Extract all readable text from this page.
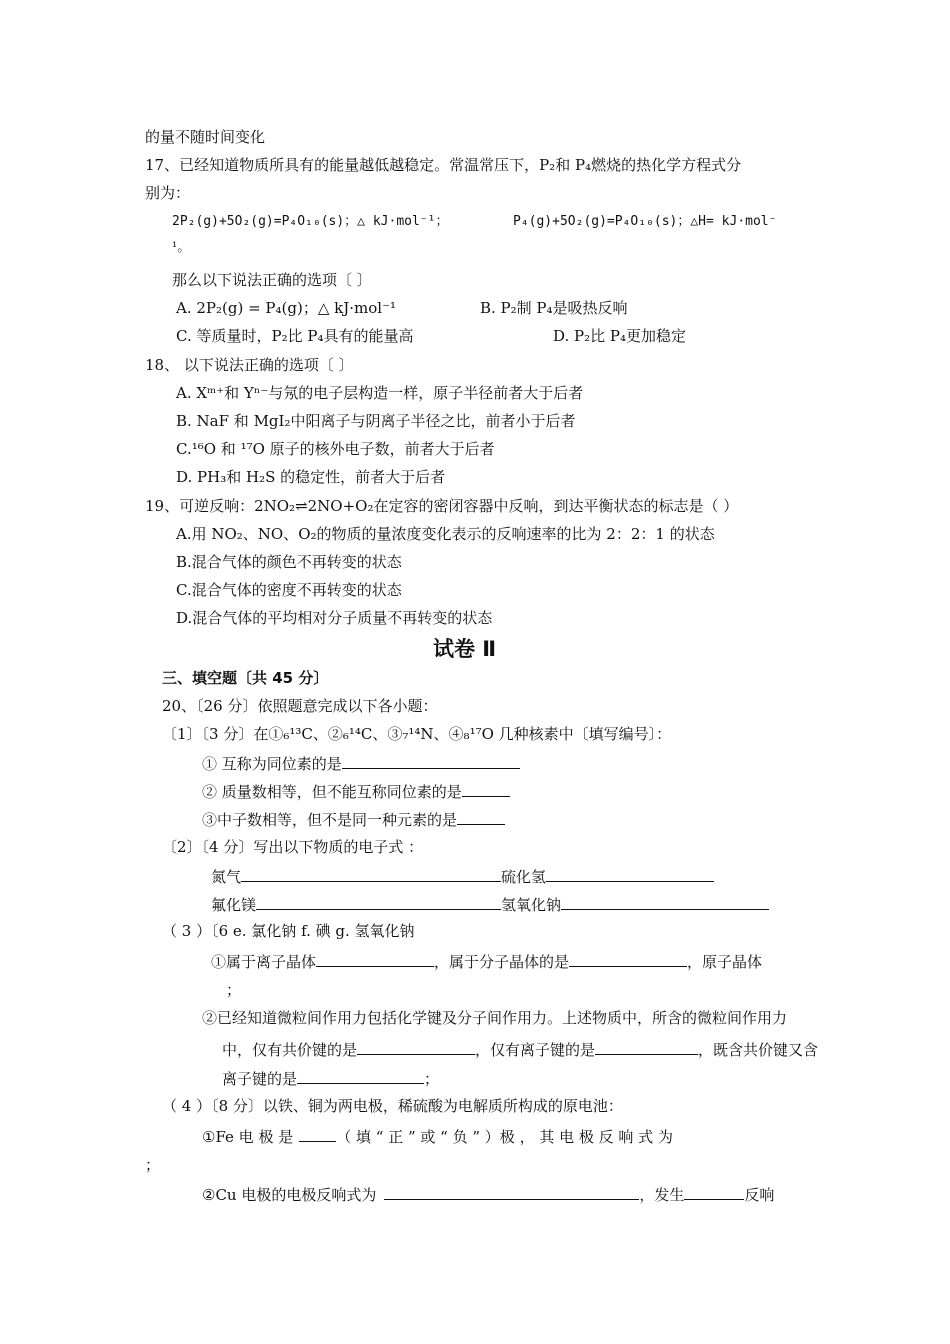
的量不随时间变化
17、已经知道物质所具有的能量越低越稳定。常温常压下，P₂和 P₄燃烧的热化学方程式分
别为：
2P₂(g)+5O₂(g)=P₄O₁₀(s)；△ kJ·mol⁻¹；	P₄(g)+5O₂(g)=P₄O₁₀(s)；△H= kJ·mol⁻
¹。
那么以下说法正确的选项〔 〕
A. 2P₂(g) = P₄(g)；△ kJ·mol⁻¹	B. P₂制 P₄是吸热反响
C. 等质量时，P₂比 P₄具有的能量高	D. P₂比 P₄更加稳定
18、 以下说法正确的选项〔 〕
A. Xᵐ⁺和 Yⁿ⁻与氖的电子层构造一样，原子半径前者大于后者
B. NaF 和 MgI₂中阳离子与阴离子半径之比，前者小于后者
C.¹⁶O 和 ¹⁷O 原子的核外电子数，前者大于后者
D. PH₃和 H₂S 的稳定性，前者大于后者
19、可逆反响：2NO₂⇌2NO+O₂在定容的密闭容器中反响，到达平衡状态的标志是（ ）
A.用 NO₂、NO、O₂的物质的量浓度变化表示的反响速率的比为 2：2：1 的状态
B.混合气体的颜色不再转变的状态
C.混合气体的密度不再转变的状态
D.混合气体的平均相对分子质量不再转变的状态
试卷 Ⅱ
三、填空题〔共 45 分〕
20、〔26 分〕依照题意完成以下各小题：
〔1〕〔3 分〕在①₆¹³C、②₆¹⁴C、③₇¹⁴N、④₈¹⁷O 几种核素中〔填写编号〕：
① 互称为同位素的是
② 质量数相等，但不能互称同位素的是
③中子数相等，但不是同一种元素的是
〔2〕〔4 分〕写出以下物质的电子式 ：
氮气	硫化氢
氟化镁	氢氧化钠
（ 3 ）〔6 e. 氯化钠 f. 碘 g. 氢氧化钠
①属于离子晶体	，属于分子晶体的是	，原子晶体
；
②已经知道微粒间作用力包括化学键及分子间作用力。上述物质中，所含的微粒间作用力
中，仅有共价键的是	，仅有离子键的是	，既含共价键又含
离子键的是	；
（ 4 ）〔8 分〕以铁、铜为两电极，稀硫酸为电解质所构成的原电池：
①Fe 电 极 是	（ 填 “ 正 ” 或 “ 负 ” ）极 ， 其 电 极 反 响 式 为
；
②Cu 电极的电极反响式为	，发生	反响
